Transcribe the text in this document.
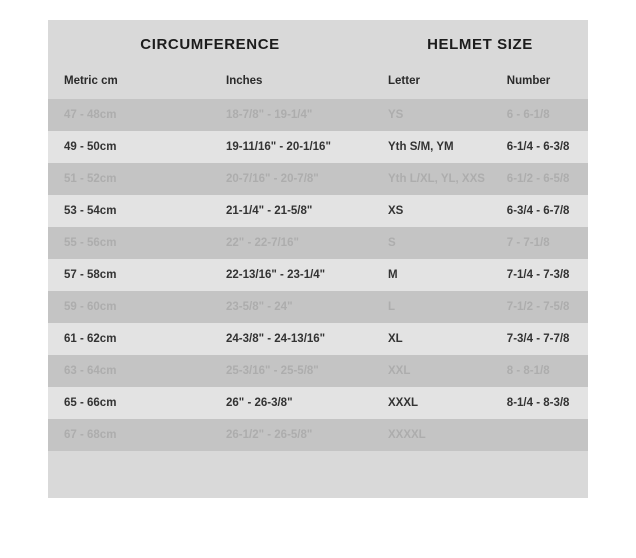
CIRCUMFERENCE		HELMET SIZE	
Metric cm	Inches	Letter	Number
47 - 48cm	18-7/8" - 19-1/4"	YS	6 - 6-1/8
49 - 50cm	19-11/16" - 20-1/16"	Yth S/M, YM	6-1/4 - 6-3/8
51 - 52cm	20-7/16" - 20-7/8"	Yth L/XL, YL, XXS	6-1/2 - 6-5/8
53 - 54cm	21-1/4" - 21-5/8"	XS	6-3/4 - 6-7/8
55 - 56cm	22" - 22-7/16"	S	7 - 7-1/8
57 - 58cm	22-13/16" - 23-1/4"	M	7-1/4 - 7-3/8
59 - 60cm	23-5/8" - 24"	L	7-1/2 - 7-5/8
61 - 62cm	24-3/8" - 24-13/16"	XL	7-3/4 - 7-7/8
63 - 64cm	25-3/16" - 25-5/8"	XXL	8 - 8-1/8
65 - 66cm	26" - 26-3/8"	XXXL	8-1/4 - 8-3/8
67 - 68cm	26-1/2" - 26-5/8"	XXXXL	
